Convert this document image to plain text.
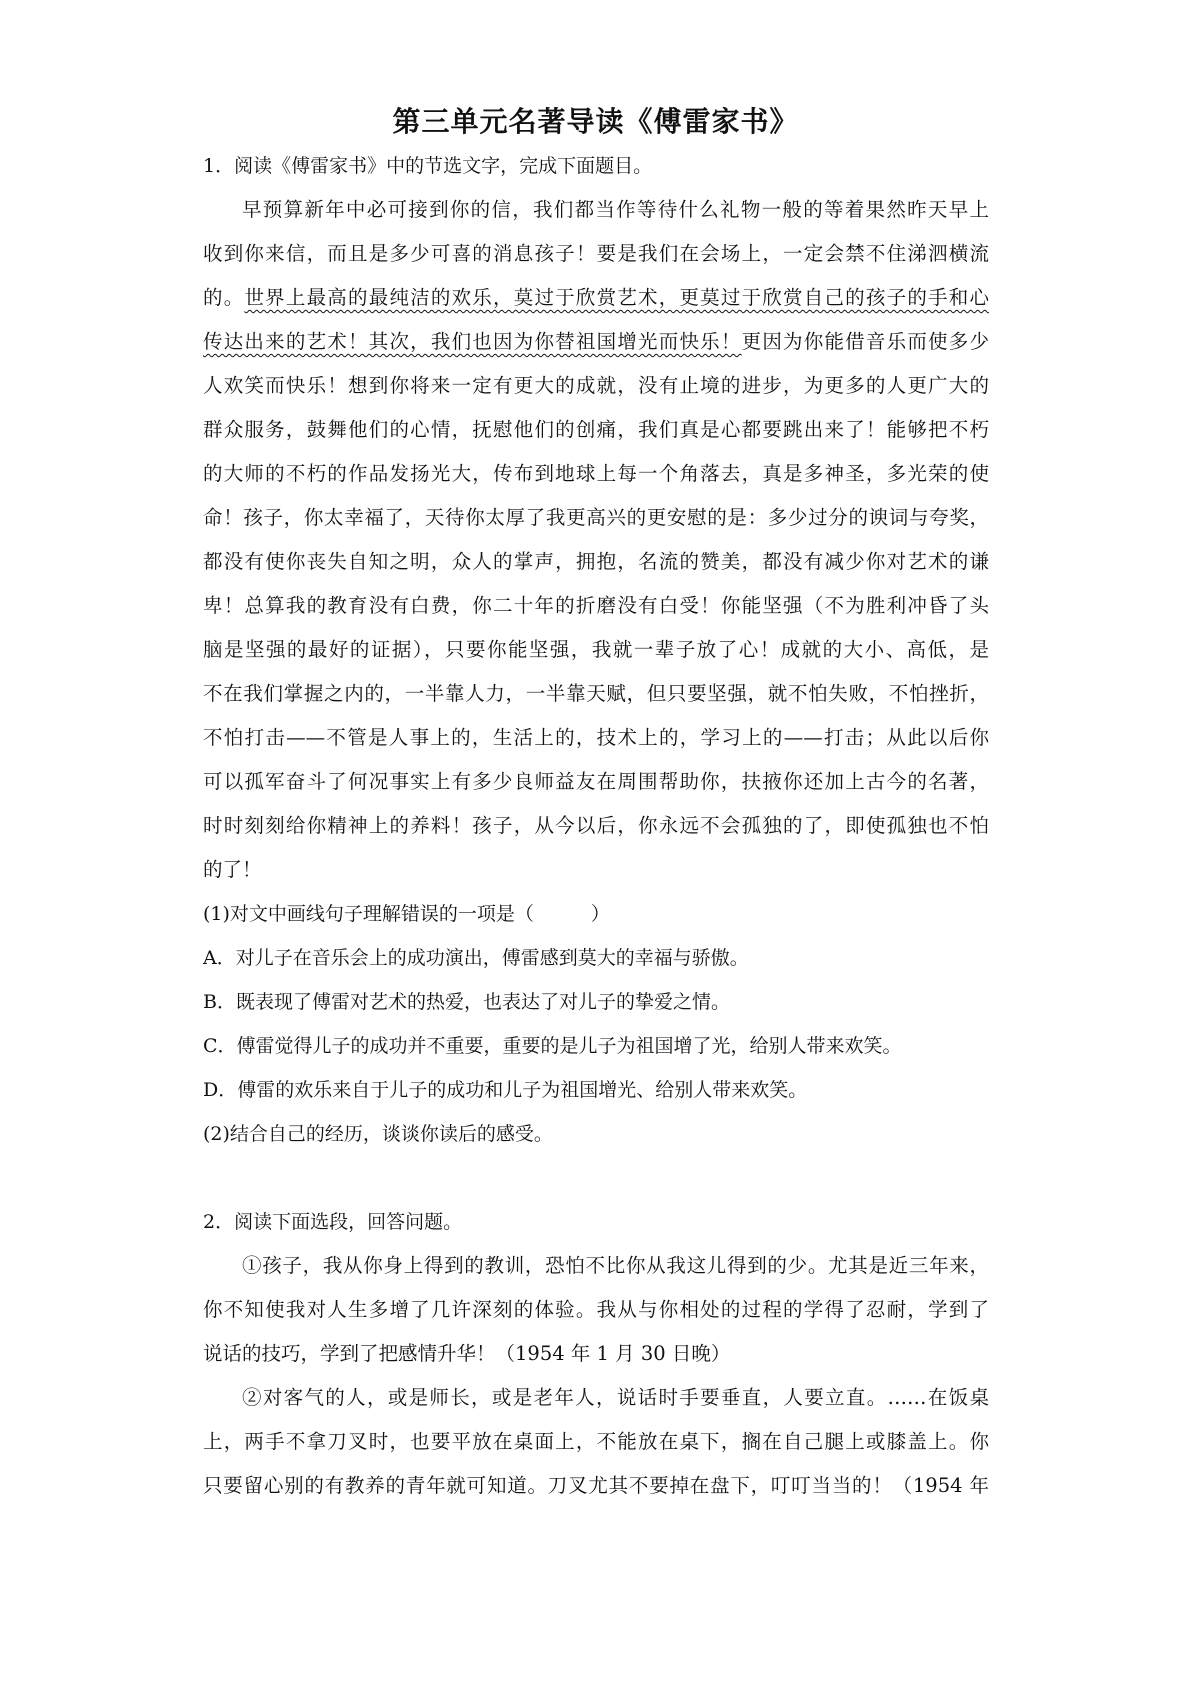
第三单元名著导读《傅雷家书》
1．阅读《傅雷家书》中的节选文字，完成下面题目。
早预算新年中必可接到你的信，我们都当作等待什么礼物一般的等着果然昨天早上
收到你来信，而且是多少可喜的消息孩子！要是我们在会场上，一定会禁不住涕泗横流
的。世界上最高的最纯洁的欢乐，莫过于欣赏艺术，更莫过于欣赏自己的孩子的手和心
传达出来的艺术！其次，我们也因为你替祖国增光而快乐！更因为你能借音乐而使多少
人欢笑而快乐！想到你将来一定有更大的成就，没有止境的进步，为更多的人更广大的
群众服务，鼓舞他们的心情，抚慰他们的创痛，我们真是心都要跳出来了！能够把不朽
的大师的不朽的作品发扬光大，传布到地球上每一个角落去，真是多神圣，多光荣的使
命！孩子，你太幸福了，天待你太厚了我更高兴的更安慰的是：多少过分的谀词与夸奖，
都没有使你丧失自知之明，众人的掌声，拥抱，名流的赞美，都没有减少你对艺术的谦
卑！总算我的教育没有白费，你二十年的折磨没有白受！你能坚强（不为胜利冲昏了头
脑是坚强的最好的证据），只要你能坚强，我就一辈子放了心！成就的大小、高低，是
不在我们掌握之内的，一半靠人力，一半靠天赋，但只要坚强，就不怕失败，不怕挫折，
不怕打击——不管是人事上的，生活上的，技术上的，学习上的——打击；从此以后你
可以孤军奋斗了何况事实上有多少良师益友在周围帮助你，扶掖你还加上古今的名著，
时时刻刻给你精神上的养料！孩子，从今以后，你永远不会孤独的了，即使孤独也不怕
的了！
(1)对文中画线句子理解错误的一项是（　　　）
A．对儿子在音乐会上的成功演出，傅雷感到莫大的幸福与骄傲。
B．既表现了傅雷对艺术的热爱，也表达了对儿子的挚爱之情。
C．傅雷觉得儿子的成功并不重要，重要的是儿子为祖国增了光，给别人带来欢笑。
D．傅雷的欢乐来自于儿子的成功和儿子为祖国增光、给别人带来欢笑。
(2)结合自己的经历，谈谈你读后的感受。
2．阅读下面选段，回答问题。
①孩子，我从你身上得到的教训，恐怕不比你从我这儿得到的少。尤其是近三年来，
你不知使我对人生多增了几许深刻的体验。我从与你相处的过程的学得了忍耐，学到了
说话的技巧，学到了把感情升华！（1954 年 1 月 30 日晚）
②对客气的人，或是师长，或是老年人，说话时手要垂直，人要立直。……在饭桌
上，两手不拿刀叉时，也要平放在桌面上，不能放在桌下，搁在自己腿上或膝盖上。你
只要留心别的有教养的青年就可知道。刀叉尤其不要掉在盘下，叮叮当当的！（1954 年
